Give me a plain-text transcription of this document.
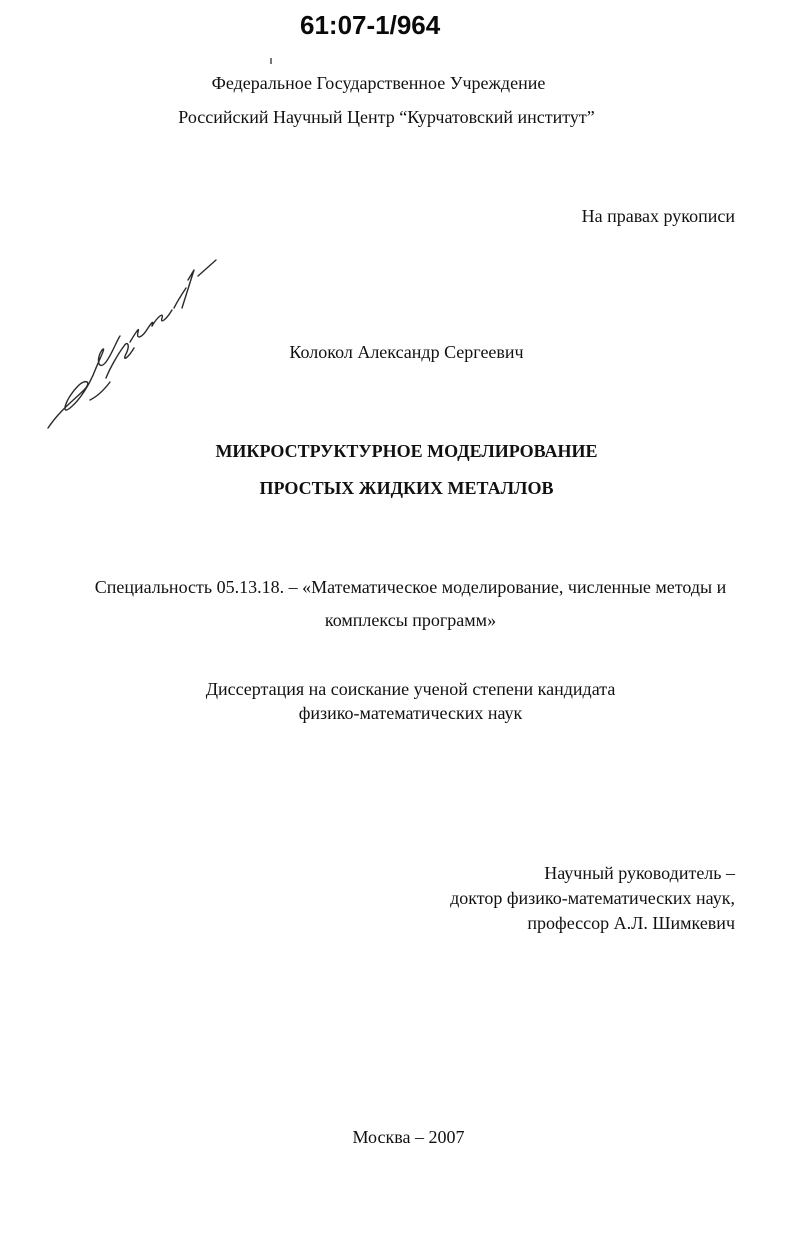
61:07-1/964
Федеральное Государственное Учреждение
Российский Научный Центр “Курчатовский институт”
На правах рукописи
Колокол Александр Сергеевич
МИКРОСТРУКТУРНОЕ МОДЕЛИРОВАНИЕ
ПРОСТЫХ ЖИДКИХ МЕТАЛЛОВ
Специальность 05.13.18. – «Математическое моделирование, численные методы и
комплексы программ»
Диссертация на соискание ученой степени кандидата
физико-математических наук
Научный руководитель –
доктор физико-математических наук,
профессор А.Л. Шимкевич
Москва – 2007
